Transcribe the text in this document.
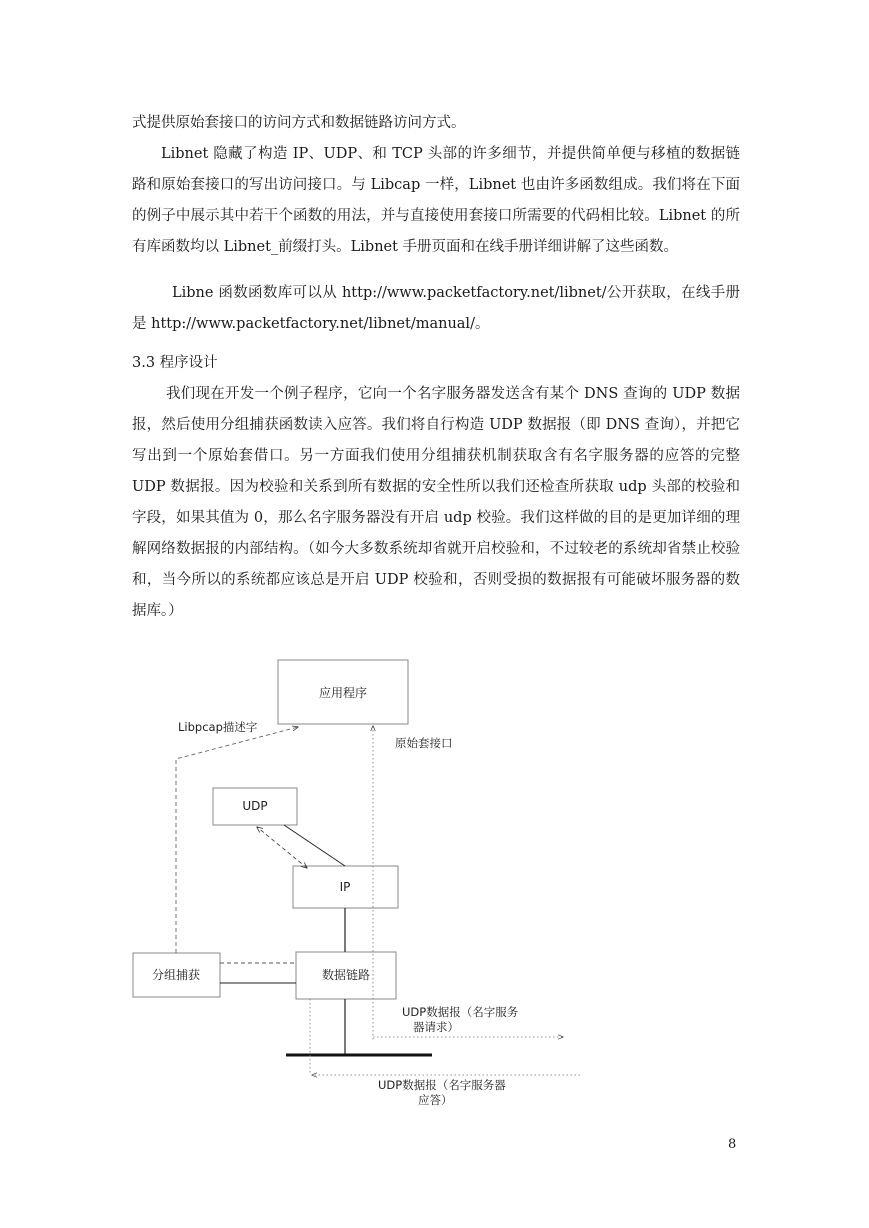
式提供原始套接口的访问方式和数据链路访问方式。

Libnet 隐藏了构造 IP、UDP、和 TCP 头部的许多细节，并提供简单便与移植的数据链路和原始套接口的写出访问接口。与 Libcap 一样，Libnet 也由许多函数组成。我们将在下面的例子中展示其中若干个函数的用法，并与直接使用套接口所需要的代码相比较。Libnet 的所有库函数均以 Libnet_前缀打头。Libnet 手册页面和在线手册详细讲解了这些函数。

Libne 函数函数库可以从 http://www.packetfactory.net/libnet/公开获取，在线手册是 http://www.packetfactory.net/libnet/manual/。

3.3 程序设计

我们现在开发一个例子程序，它向一个名字服务器发送含有某个 DNS 查询的 UDP 数据报，然后使用分组捕获函数读入应答。我们将自行构造 UDP 数据报（即 DNS 查询），并把它写出到一个原始套借口。另一方面我们使用分组捕获机制获取含有名字服务器的应答的完整 UDP 数据报。因为校验和关系到所有数据的安全性所以我们还检查所获取 udp 头部的校验和字段，如果其值为 0，那么名字服务器没有开启 udp 校验。我们这样做的目的是更加详细的理解网络数据报的内部结构。（如今大多数系统却省就开启校验和，不过较老的系统却省禁止校验和，当今所以的系统都应该总是开启 UDP 校验和，否则受损的数据报有可能破坏服务器的数据库。）

应用程序
UDP
IP
分组捕获	数据链路
Libpcap描述字
原始套接口
UDP数据报（名字服务
器请求）
UDP数据报（名字服务器
应答）

8
